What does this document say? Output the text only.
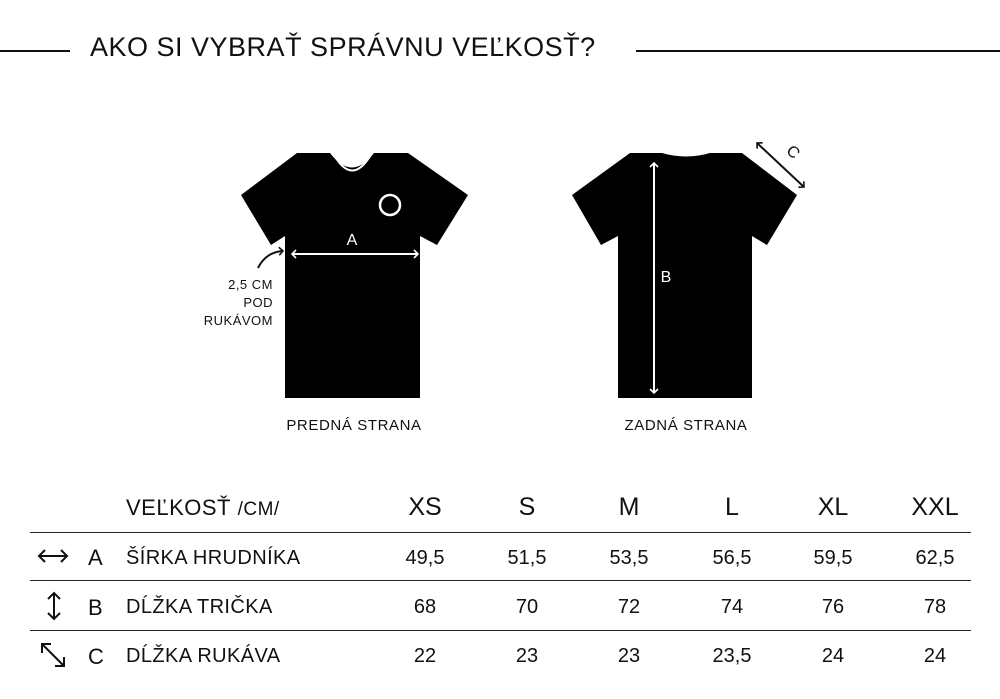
AKO SI VYBRAŤ SPRÁVNU VEĽKOSŤ?
A
B
C
2,5 CM
POD
RUKÁVOM
PREDNÁ STRANA	ZADNÁ STRANA
VEĽKOSŤ /CM/	XS	S	M	L	XL	XXL
A ŠÍRKA HRUDNÍKA	49,5	51,5	53,5	56,5	59,5	62,5
B DĹŽKA TRIČKA	68	70	72	74	76	78
C DĹŽKA RUKÁVA	22	23	23	23,5	24	24
